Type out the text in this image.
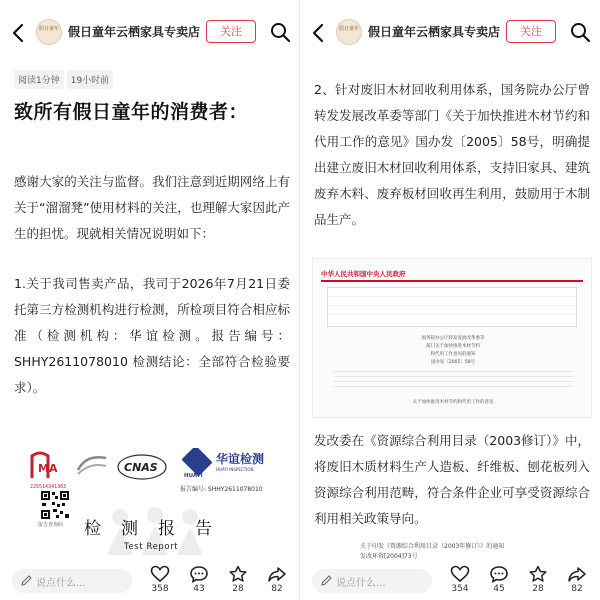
假日童年 假日童年云栖家具专卖店	关注
阅读1分钟 19小时前
致所有假日童年的消费者：
感谢大家的关注与监督。我们注意到近期网络上有关于“溜溜凳”使用材料的关注，也理解大家因此产生的担忧。现就相关情况说明如下：
1.关于我司售卖产品，我司于2026年7月21日委托第三方检测机构进行检测，所检项目符合相应标准（检测机构：华谊检测。报告编号：SHHY2611078010 检测结论：全部符合检验要求）。
MA
225514341363
CNAS
HUAYI
华谊检测
HUAYI INSPECTION
报告编号: SHHY2611078010
报告查询码 检测报告
Test Report
说点什么...	358	43	28	82
假日童年 假日童年云栖家具专卖店	关注
2、针对废旧木材回收利用体系，国务院办公厅曾转发发展改革委等部门《关于加快推进木材节约和代用工作的意见》国办发〔2005〕58号，明确提出建立废旧木材回收利用体系，支持旧家具、建筑废弃木料、废弃板材回收再生利用，鼓励用于木制品生产。
中华人民共和国中央人民政府
国务院办公厅转发发展改革委等
部门关于加快推进木材节约
和代用工作意见的通知
国办发〔2005〕58号
关于加快推进木材节约和代用工作的意见
发改委在《资源综合利用目录（2003修订）》中，将废旧木质材料生产人造板、纤维板、刨花板列入资源综合利用范畴，符合条件企业可享受资源综合利用相关政策导向。
关于印发《资源综合利用目录（2003年修订）》的通知
发改环资[2004]73号
说点什么...	354	45	28	82
